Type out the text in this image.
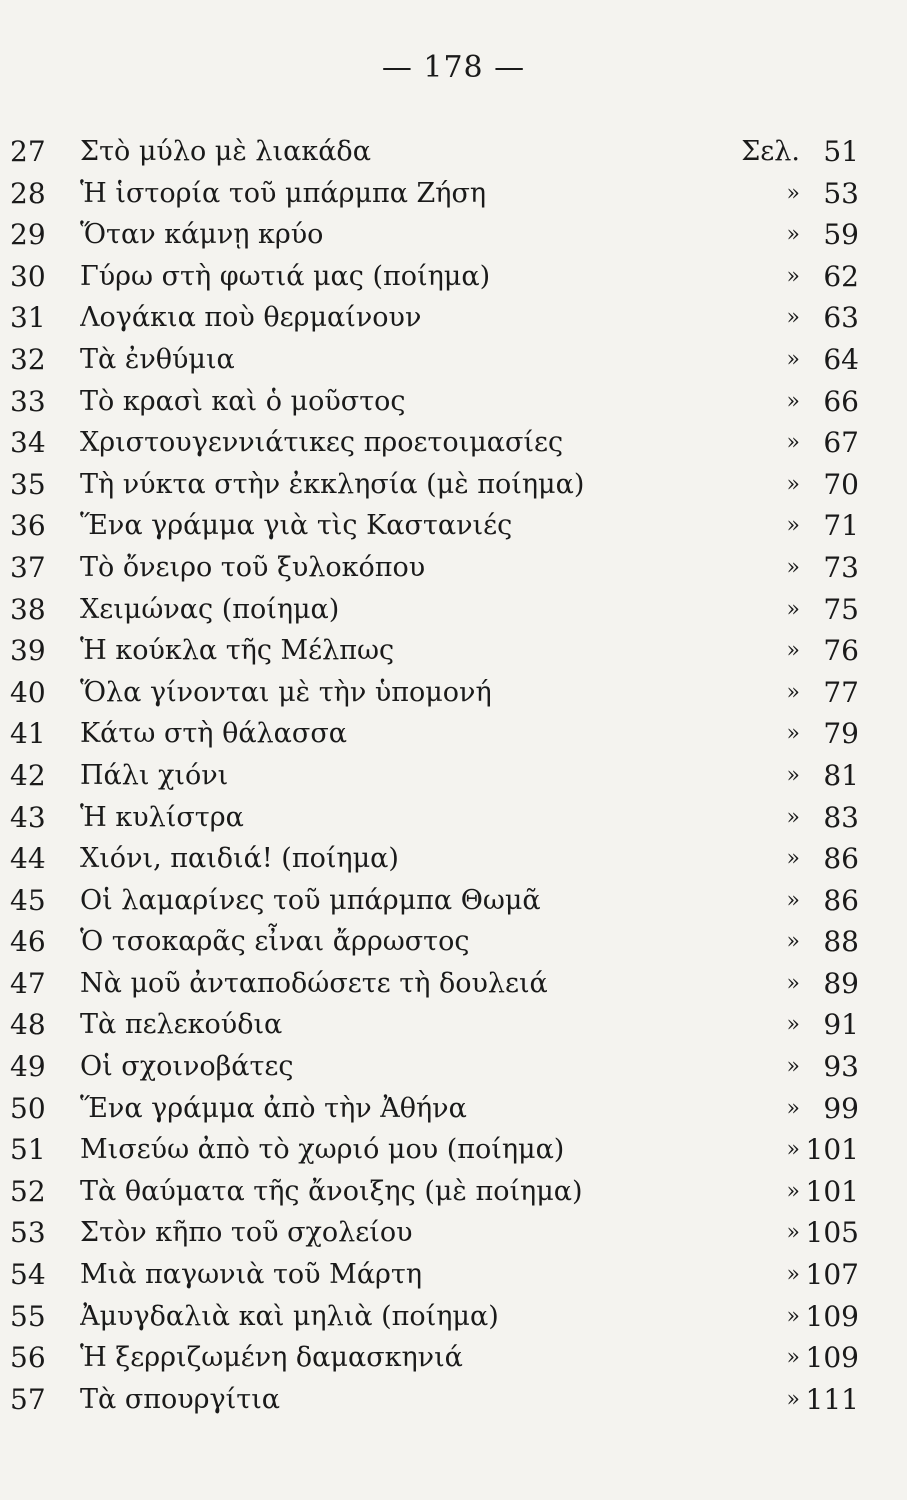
— 178 —
27	Στὸ μύλο μὲ λιακάδα	Σελ. 51
28	Ἡ ἱστορία τοῦ μπάρμπα Ζήση	» 53
29	Ὅταν κάμνῃ κρύο	» 59
30	Γύρω στὴ φωτιά μας (ποίημα)	» 62
31	Λογάκια ποὺ θερμαίνουν	» 63
32	Τὰ ἐνθύμια	» 64
33	Τὸ κρασὶ καὶ ὁ μοῦστος	» 66
34	Χριστουγεννιάτικες προετοιμασίες	» 67
35	Τὴ νύκτα στὴν ἐκκλησία (μὲ ποίημα)	» 70
36	Ἕνα γράμμα γιὰ τὶς Καστανιές	» 71
37	Τὸ ὄνειρο τοῦ ξυλοκόπου	» 73
38	Χειμώνας (ποίημα)	» 75
39	Ἡ κούκλα τῆς Μέλπως	» 76
40	Ὅλα γίνονται μὲ τὴν ὑπομονή	» 77
41	Κάτω στὴ θάλασσα	» 79
42	Πάλι χιόνι	» 81
43	Ἡ κυλίστρα	» 83
44	Χιόνι, παιδιά! (ποίημα)	» 86
45	Οἱ λαμαρίνες τοῦ μπάρμπα Θωμᾶ	» 86
46	Ὁ τσοκαρᾶς εἶναι ἄρρωστος	» 88
47	Νὰ μοῦ ἀνταποδώσετε τὴ δουλειά	» 89
48	Τὰ πελεκούδια	» 91
49	Οἱ σχοινοβάτες	» 93
50	Ἕνα γράμμα ἀπὸ τὴν Ἀθήνα	» 99
51	Μισεύω ἀπὸ τὸ χωριό μου (ποίημα)	» 101
52	Τὰ θαύματα τῆς ἄνοιξης (μὲ ποίημα)	» 101
53	Στὸν κῆπο τοῦ σχολείου	» 105
54	Μιὰ παγωνιὰ τοῦ Μάρτη	» 107
55	Ἀμυγδαλιὰ καὶ μηλιὰ (ποίημα)	» 109
56	Ἡ ξερριζωμένη δαμασκηνιά	» 109
57	Τὰ σπουργίτια	» 111
